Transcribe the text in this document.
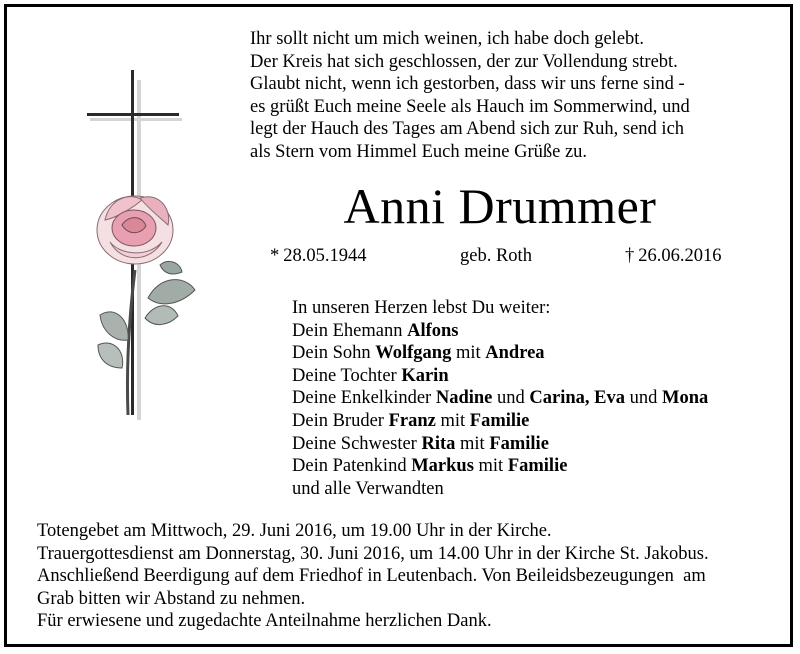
Ihr sollt nicht um mich weinen, ich habe doch gelebt.
Der Kreis hat sich geschlossen, der zur Vollendung strebt.
Glaubt nicht, wenn ich gestorben, dass wir uns ferne sind -
es grüßt Euch meine Seele als Hauch im Sommerwind, und
legt der Hauch des Tages am Abend sich zur Ruh, send ich
als Stern vom Himmel Euch meine Grüße zu.
Anni Drummer
* 28.05.1944	geb. Roth	† 26.06.2016
In unseren Herzen lebst Du weiter:
Dein Ehemann Alfons
Dein Sohn Wolfgang mit Andrea
Deine Tochter Karin
Deine Enkelkinder Nadine und Carina, Eva und Mona
Dein Bruder Franz mit Familie
Deine Schwester Rita mit Familie
Dein Patenkind Markus mit Familie
und alle Verwandten
Totengebet am Mittwoch, 29. Juni 2016, um 19.00 Uhr in der Kirche.
Trauergottesdienst am Donnerstag, 30. Juni 2016, um 14.00 Uhr in der Kirche St. Jakobus.
Anschließend Beerdigung auf dem Friedhof in Leutenbach. Von Beileidsbezeugungen  am
Grab bitten wir Abstand zu nehmen.
Für erwiesene und zugedachte Anteilnahme herzlichen Dank.
